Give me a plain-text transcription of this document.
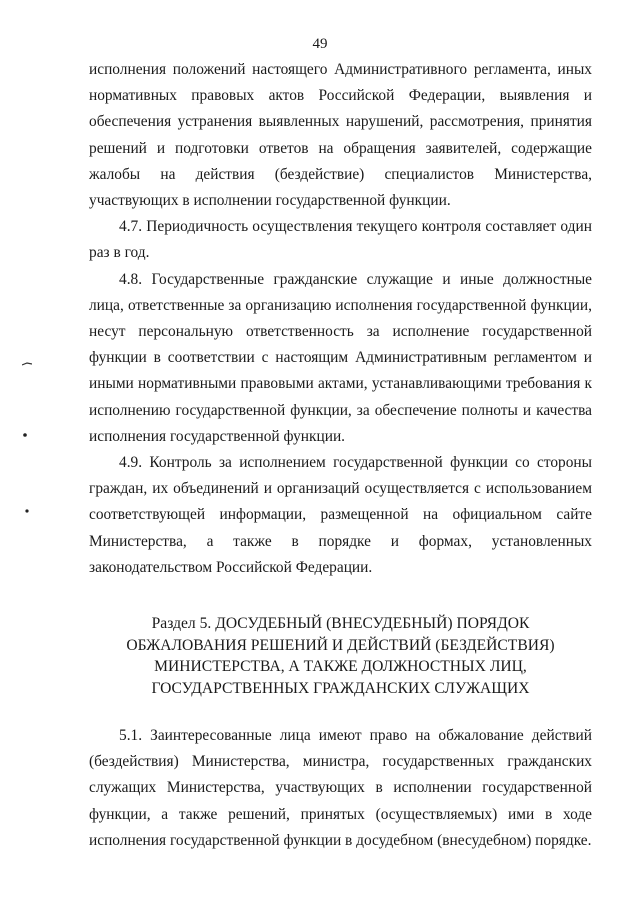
49

исполнения положений настоящего Административного регламента, иных нормативных правовых актов Российской Федерации, выявления и обеспечения устранения выявленных нарушений, рассмотрения, принятия решений и подготовки ответов на обращения заявителей, содержащие жалобы на действия (бездействие) специалистов Министерства, участвующих в исполнении государственной функции.

4.7. Периодичность осуществления текущего контроля составляет один раз в год.

4.8. Государственные гражданские служащие и иные должностные лица, ответственные за организацию исполнения государственной функции, несут персональную ответственность за исполнение государственной функции в соответствии с настоящим Административным регламентом и иными нормативными правовыми актами, устанавливающими требования к исполнению государственной функции, за обеспечение полноты и качества исполнения государственной функции.

4.9. Контроль за исполнением государственной функции со стороны граждан, их объединений и организаций осуществляется с использованием соответствующей информации, размещенной на официальном сайте Министерства, а также в порядке и формах, установленных законодательством Российской Федерации.

Раздел 5. ДОСУДЕБНЫЙ (ВНЕСУДЕБНЫЙ) ПОРЯДОК
ОБЖАЛОВАНИЯ РЕШЕНИЙ И ДЕЙСТВИЙ (БЕЗДЕЙСТВИЯ)
МИНИСТЕРСТВА, А ТАКЖЕ ДОЛЖНОСТНЫХ ЛИЦ,
ГОСУДАРСТВЕННЫХ ГРАЖДАНСКИХ СЛУЖАЩИХ

5.1. Заинтересованные лица имеют право на обжалование действий (бездействия) Министерства, министра, государственных гражданских служащих Министерства, участвующих в исполнении государственной функции, а также решений, принятых (осуществляемых) ими в ходе исполнения государственной функции в досудебном (внесудебном) порядке.
